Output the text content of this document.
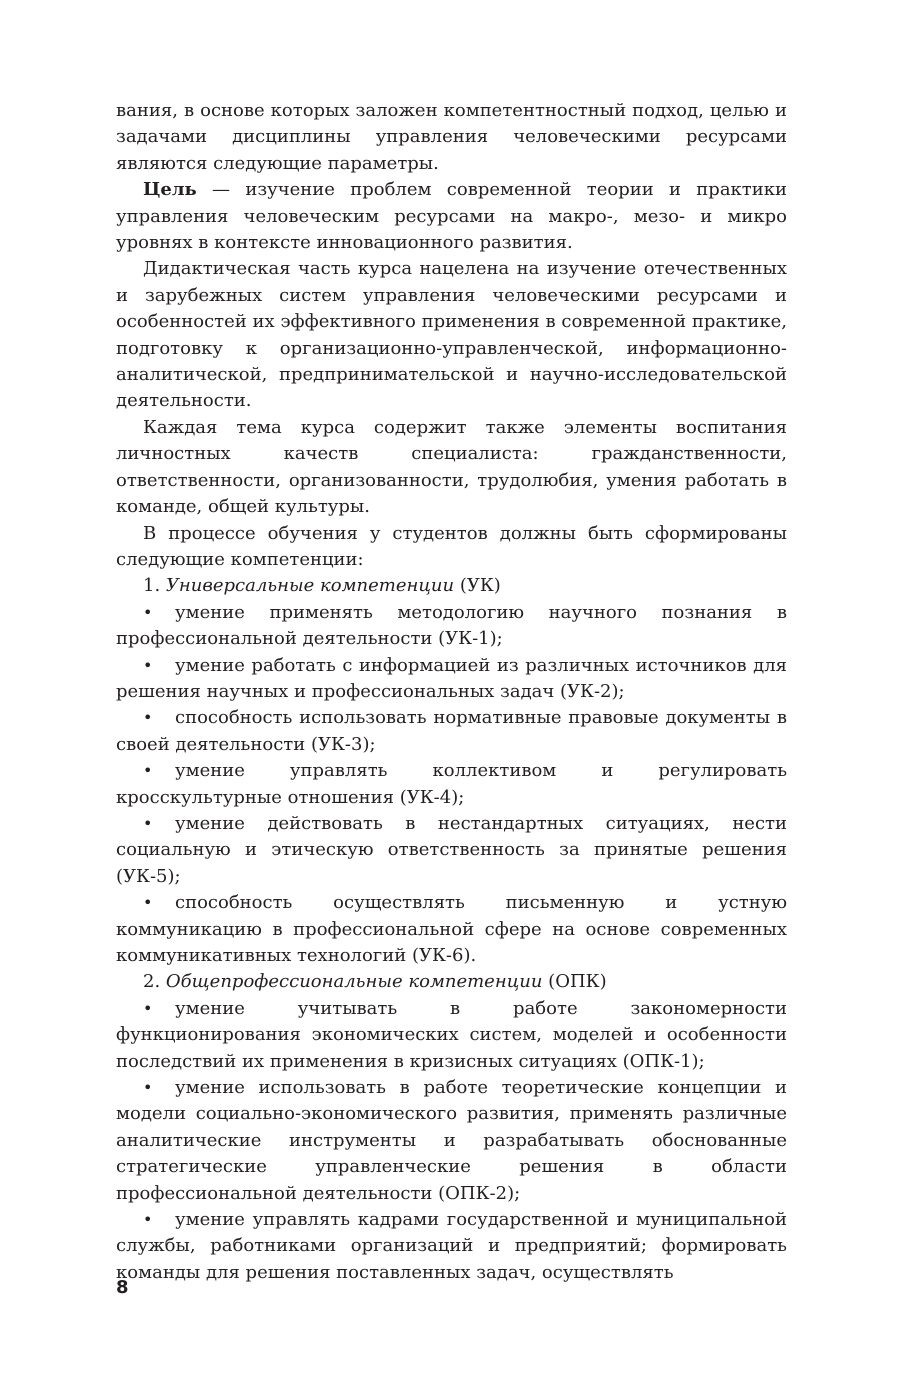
вания, в основе которых заложен компетентностный подход, целью и задачами дисциплины управления человеческими ресурсами являются следующие параметры.

Цель — изучение проблем современной теории и практики управления человеческим ресурсами на макро-, мезо- и микро уровнях в контексте инновационного развития.

Дидактическая часть курса нацелена на изучение отечественных и зарубежных систем управления человеческими ресурсами и особенностей их эффективного применения в современной практике, подготовку к организационно-управленческой, информационно-аналитической, предпринимательской и научно-исследовательской деятельности.

Каждая тема курса содержит также элементы воспитания личностных качеств специалиста: гражданственности, ответственности, организованности, трудолюбия, умения работать в команде, общей культуры.

В процессе обучения у студентов должны быть сформированы следующие компетенции:

1. Универсальные компетенции (УК)

• умение применять методологию научного познания в профессиональной деятельности (УК-1);

• умение работать с информацией из различных источников для решения научных и профессиональных задач (УК-2);

• способность использовать нормативные правовые документы в своей деятельности (УК-3);

• умение управлять коллективом и регулировать кросскультурные отношения (УК-4);

• умение действовать в нестандартных ситуациях, нести социальную и этическую ответственность за принятые решения (УК-5);

• способность осуществлять письменную и устную коммуникацию в профессиональной сфере на основе современных коммуникативных технологий (УК-6).

2. Общепрофессиональные компетенции (ОПК)

• умение учитывать в работе закономерности функционирования экономических систем, моделей и особенности последствий их применения в кризисных ситуациях (ОПК-1);

• умение использовать в работе теоретические концепции и модели социально-экономического развития, применять различные аналитические инструменты и разрабатывать обоснованные стратегические управленческие решения в области профессиональной деятельности (ОПК-2);

• умение управлять кадрами государственной и муниципальной службы, работниками организаций и предприятий; формировать команды для решения поставленных задач, осуществлять

8
